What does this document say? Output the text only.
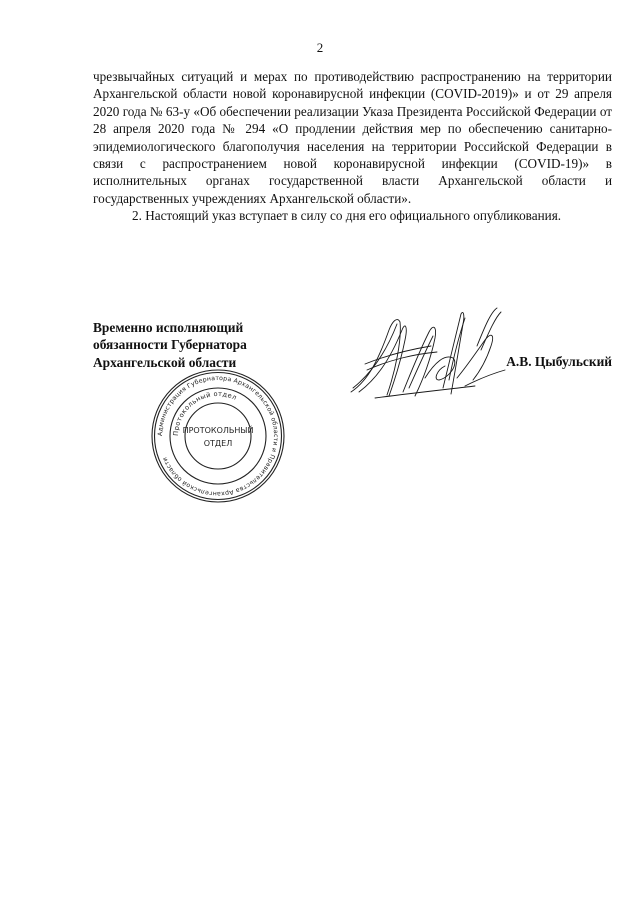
2

чрезвычайных ситуаций и мерах по противодействию распространению на территории Архангельской области новой коронавирусной инфекции (COVID-2019)» и от 29 апреля 2020 года № 63-у «Об обеспечении реализации Указа Президента Российской Федерации от 28 апреля 2020 года № 294 «О продлении действия мер по обеспечению санитарно-эпидемиологического благополучия населения на территории Российской Федерации в связи с распространением новой коронавирусной инфекции (COVID-19)» в исполнительных органах государственной власти Архангельской области и государственных учреждениях Архангельской области».

2. Настоящий указ вступает в силу со дня его официального опубликования.

Временно исполняющий
обязанности Губернатора
Архангельской области	А.В. Цыбульский
Администрация Губернатора Архангельской области и Правительства Архангельской области
Протокольный отдел
ПРОТОКОЛЬНЫЙ
ОТДЕЛ
